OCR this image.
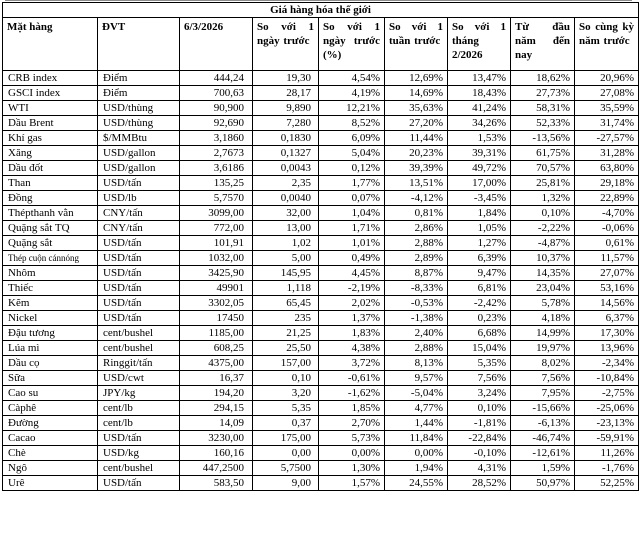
Giá hàng hóa thế giới								
Mặt hàng	ĐVT	6/3/2026	So với 1 ngày trước	So với 1 ngày trước (%)	So với 1 tuần trước	So với 1 tháng 2/2026	Từ đầu năm đến nay	So cùng kỳ năm trước
CRB index	Điểm	444,24	19,30	4,54%	12,69%	13,47%	18,62%	20,96%
GSCI index	Điểm	700,63	28,17	4,19%	14,69%	18,43%	27,73%	27,08%
WTI	USD/thùng	90,900	9,890	12,21%	35,63%	41,24%	58,31%	35,59%
Dầu Brent	USD/thùng	92,690	7,280	8,52%	27,20%	34,26%	52,33%	31,74%
Khí gas	$/MMBtu	3,1860	0,1830	6,09%	11,44%	1,53%	-13,56%	-27,57%
Xăng	USD/gallon	2,7673	0,1327	5,04%	20,23%	39,31%	61,75%	31,28%
Dầu đốt	USD/gallon	3,6186	0,0043	0,12%	39,39%	49,72%	70,57%	63,80%
Than	USD/tấn	135,25	2,35	1,77%	13,51%	17,00%	25,81%	29,18%
Đồng	USD/lb	5,7570	0,0040	0,07%	-4,12%	-3,45%	1,32%	22,89%
Thépthanh vằn	CNY/tấn	3099,00	32,00	1,04%	0,81%	1,84%	0,10%	-4,70%
Quặng sắt TQ	CNY/tấn	772,00	13,00	1,71%	2,86%	1,05%	-2,22%	-0,06%
Quặng sắt	USD/tấn	101,91	1,02	1,01%	2,88%	1,27%	-4,87%	0,61%
Thép cuộn cánnóng	USD/tấn	1032,00	5,00	0,49%	2,89%	6,39%	10,37%	11,57%
Nhôm	USD/tấn	3425,90	145,95	4,45%	8,87%	9,47%	14,35%	27,07%
Thiếc	USD/tấn	49901	1,118	-2,19%	-8,33%	6,81%	23,04%	53,16%
Kẽm	USD/tấn	3302,05	65,45	2,02%	-0,53%	-2,42%	5,78%	14,56%
Nickel	USD/tấn	17450	235	1,37%	-1,38%	0,23%	4,18%	6,37%
Đậu tương	cent/bushel	1185,00	21,25	1,83%	2,40%	6,68%	14,99%	17,30%
Lúa mì	cent/bushel	608,25	25,50	4,38%	2,88%	15,04%	19,97%	13,96%
Dầu cọ	Ringgit/tấn	4375,00	157,00	3,72%	8,13%	5,35%	8,02%	-2,34%
Sữa	USD/cwt	16,37	0,10	-0,61%	9,57%	7,56%	7,56%	-10,84%
Cao su	JPY/kg	194,20	3,20	-1,62%	-5,04%	3,24%	7,95%	-2,75%
Càphê	cent/lb	294,15	5,35	1,85%	4,77%	0,10%	-15,66%	-25,06%
Đường	cent/lb	14,09	0,37	2,70%	1,44%	-1,81%	-6,13%	-23,13%
Cacao	USD/tấn	3230,00	175,00	5,73%	11,84%	-22,84%	-46,74%	-59,91%
Chè	USD/kg	160,16	0,00	0,00%	0,00%	-0,10%	-12,61%	11,26%
Ngô	cent/bushel	447,2500	5,7500	1,30%	1,94%	4,31%	1,59%	-1,76%
Urê	USD/tấn	583,50	9,00	1,57%	24,55%	28,52%	50,97%	52,25%
